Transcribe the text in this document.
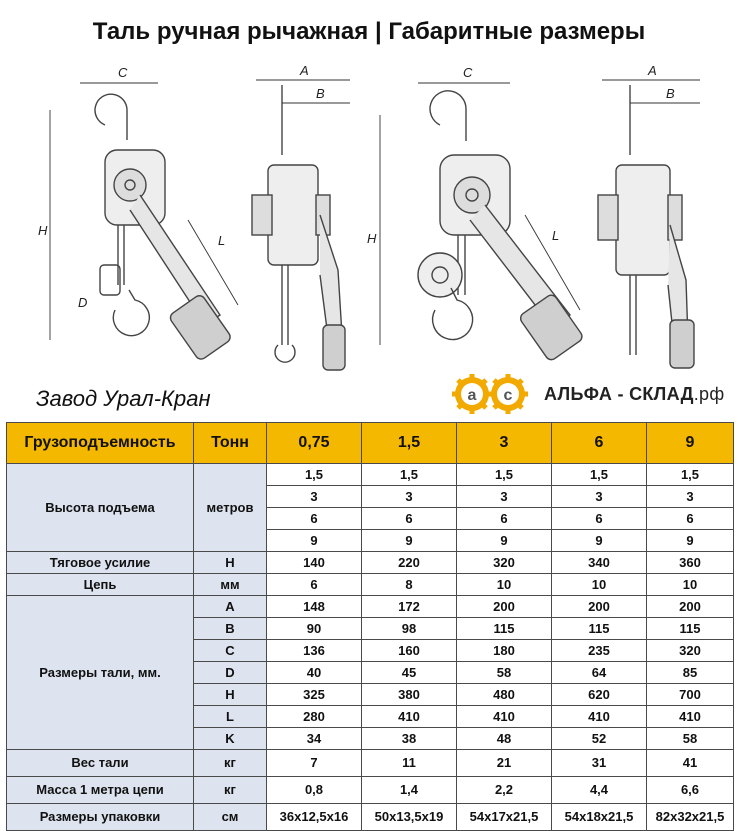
Таль ручная рычажная | Габаритные размеры
C
H
L
D
A
B
C
H	L
A
B
Завод Урал-Кран	a c АЛЬФА - СКЛАД.рф
Грузоподъемность	Тонн	0,75	1,5	3	6	9
Высота подъема	метров	1,5	1,5	1,5	1,5	1,5
		3	3	3	3	3
		6	6	6	6	6
		9	9	9	9	9
Тяговое усилие	Н	140	220	320	340	360
Цепь	мм	6	8	10	10	10
Размеры тали, мм.	A	148	172	200	200	200
	B	90	98	115	115	115
	C	136	160	180	235	320
	D	40	45	58	64	85
	H	325	380	480	620	700
	L	280	410	410	410	410
	K	34	38	48	52	58
Вес тали	кг	7	11	21	31	41
Масса 1 метра цепи	кг	0,8	1,4	2,2	4,4	6,6
Размеры упаковки	см	36х12,5х16	50х13,5х19	54х17х21,5	54х18х21,5	82х32х21,5
